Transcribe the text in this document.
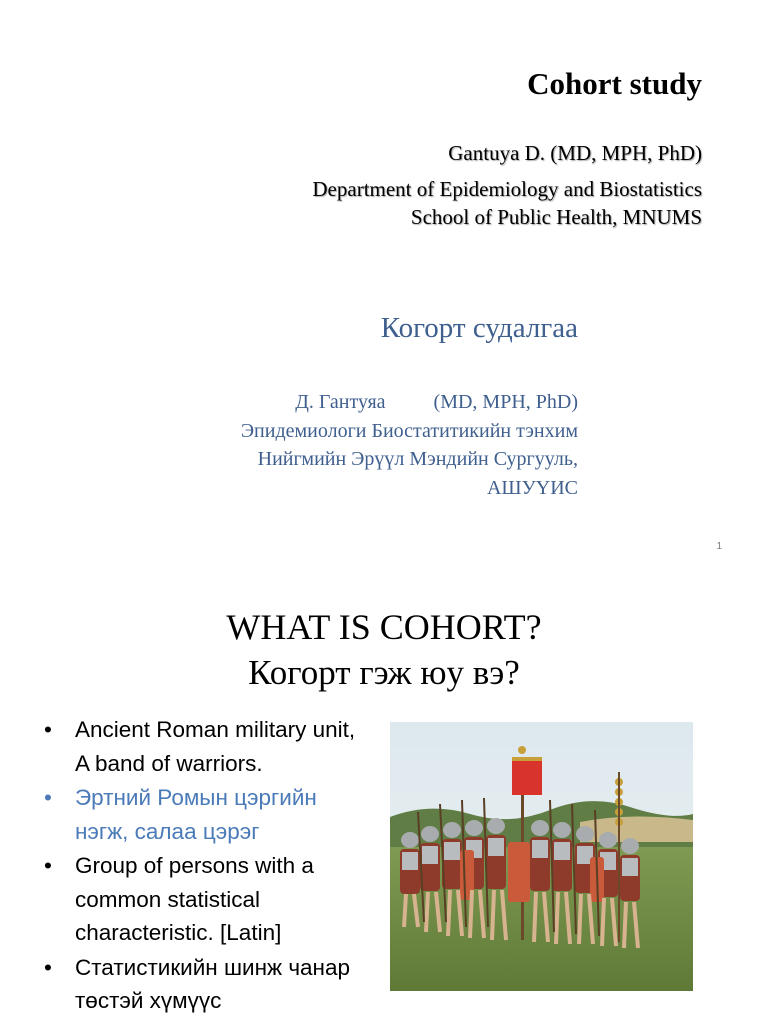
Cohort study
Gantuya D. (MD, MPH, PhD)
Department of Epidemiology and Biostatistics
School of Public Health, MNUMS
Когорт судалгаа
Д. Гантуяа (MD, MPH, PhD)
Эпидемиологи Биостатитикийн тэнхим
Нийгмийн Эрүүл Мэндийн Сургууль,
АШУҮИС
1
WHAT IS COHORT?
Когорт гэж юу вэ?
• Ancient Roman military unit, A band of warriors.
• Эртний Ромын цэргийн нэгж, салаа цэрэг
• Group of persons with a common statistical characteristic. [Latin]
• Статистикийн шинж чанар төстэй хүмүүс
